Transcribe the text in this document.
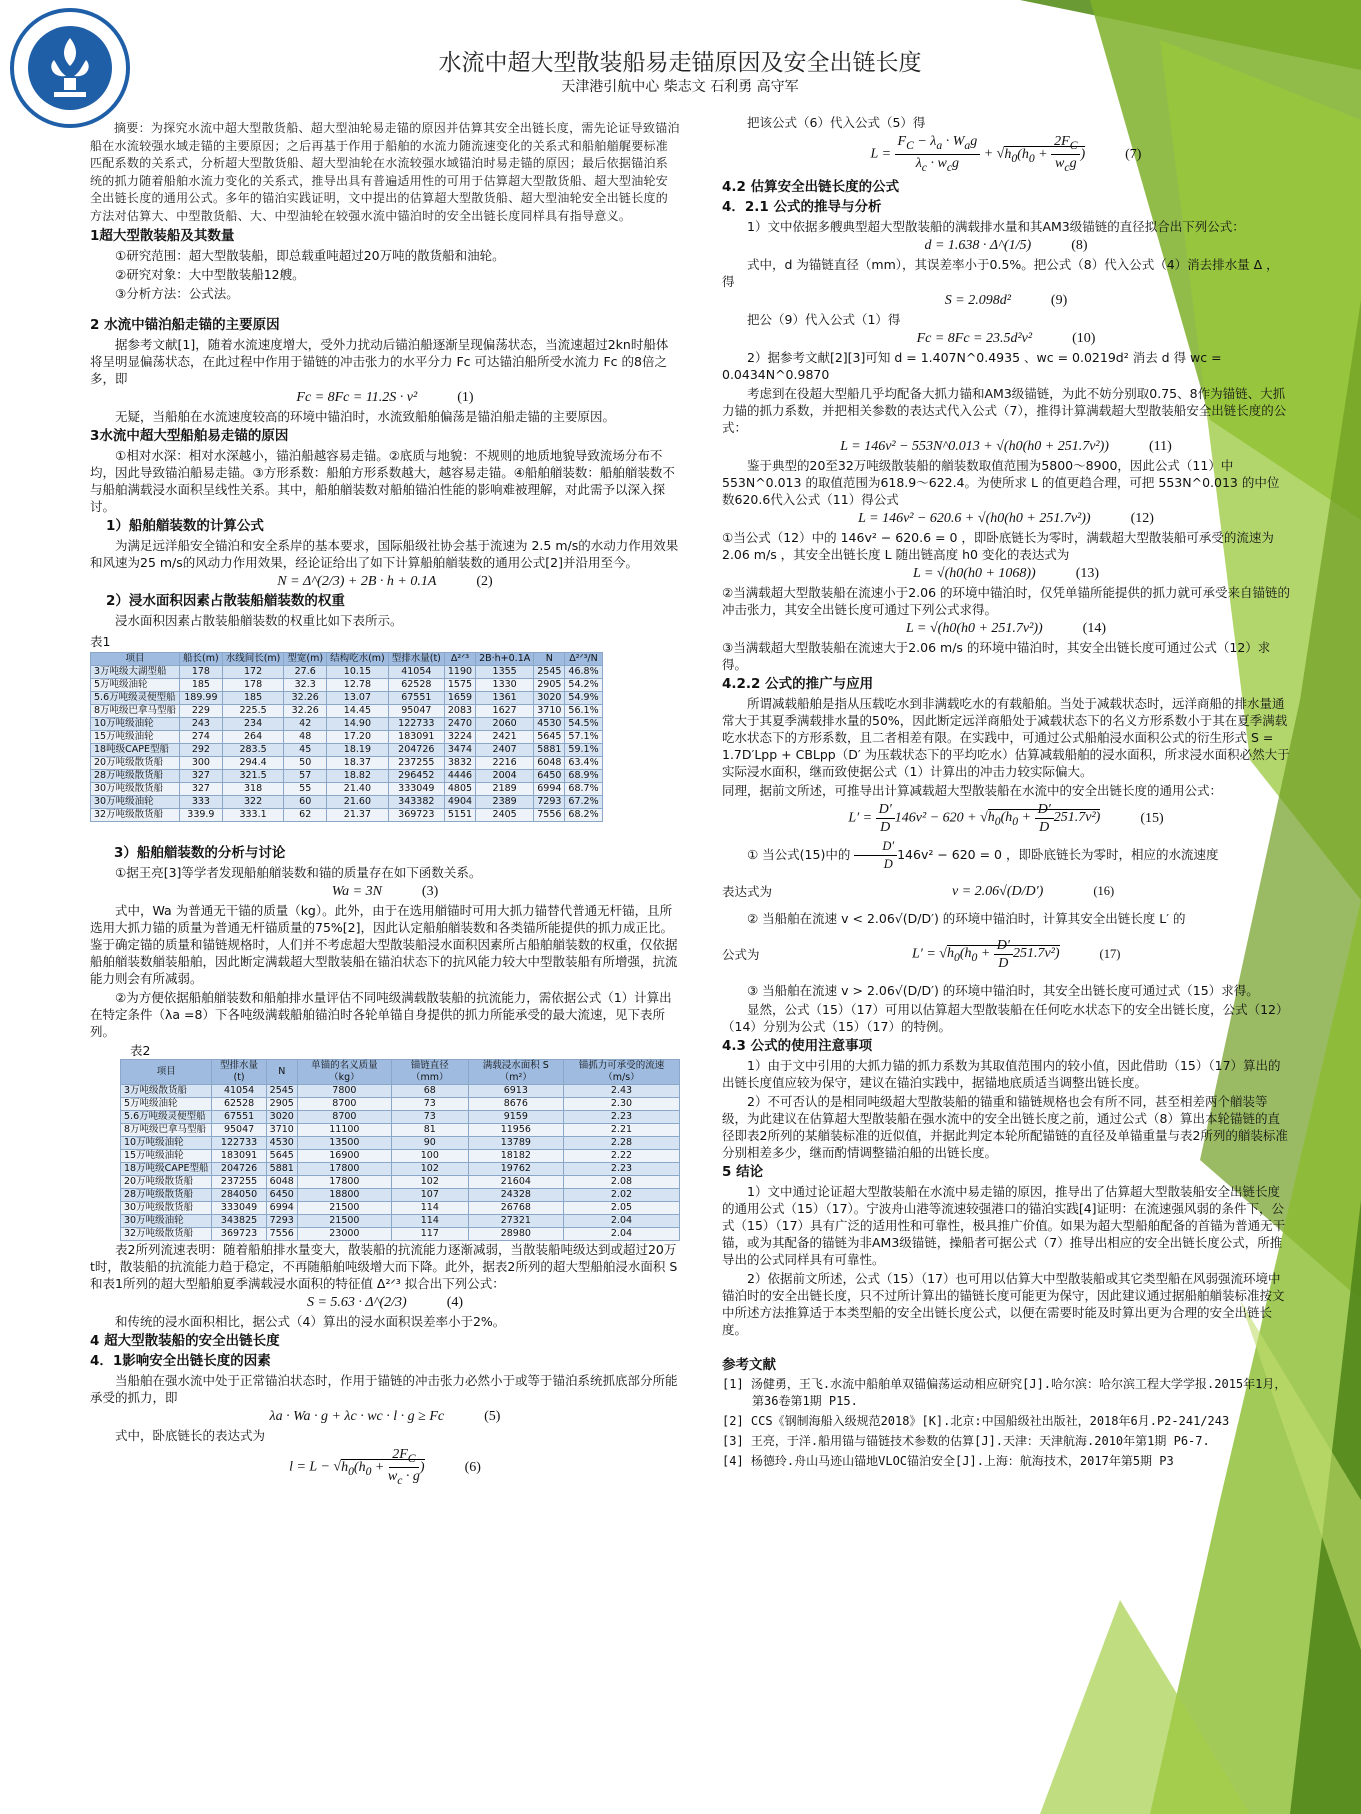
水流中超大型散装船易走锚原因及安全出链长度
天津港引航中心 柴志文 石利勇 高守军

摘要：为探究水流中超大型散货船、超大型油轮易走锚的原因并估算其安全出链长度，需先论证导致锚泊船在水流较强水域走锚的主要原因；之后再基于作用于船舶的水流力随流速变化的关系式和船舶艏艉要标准匹配系数的关系式，分析超大型散货船、超大型油轮在水流较强水域锚泊时易走锚的原因；最后依据锚泊系统的抓力随着船舶水流力变化的关系式，推导出具有普遍适用性的可用于估算超大型散货船、超大型油轮安全出链长度的通用公式。多年的锚泊实践证明，文中提出的估算超大型散货船、超大型油轮安全出链长度的方法对估算大、中型散货船、大、中型油轮在较强水流中锚泊时的安全出链长度同样具有指导意义。

1超大型散装船及其数量

①研究范围：超大型散装船，即总载重吨超过20万吨的散货船和油轮。

②研究对象：大中型散装船12艘。

③分析方法：公式法。

2 水流中锚泊船走锚的主要原因

据参考文献[1]，随着水流速度增大，受外力扰动后锚泊船逐渐呈现偏荡状态，当流速超过2kn时船体将呈明显偏荡状态，在此过程中作用于锚链的冲击张力的水平分力 Fc 可达锚泊船所受水流力 Fc 的8倍之多，即

Fc = 8Fc = 11.2S · v²	(1)

无疑，当船舶在水流速度较高的环境中锚泊时，水流致船舶偏荡是锚泊船走锚的主要原因。

3水流中超大型船舶易走锚的原因

①相对水深：相对水深越小，锚泊船越容易走锚。②底质与地貌：不规则的地质地貌导致流场分布不均，因此导致锚泊船易走锚。③方形系数：船舶方形系数越大，越容易走锚。④船舶艏装数：船舶艏装数不与船舶满载浸水面积呈线性关系。其中，船舶艏装数对船舶锚泊性能的影响难被理解，对此需予以深入探讨。

1）船舶艏装数的计算公式

为满足远洋船安全锚泊和安全系岸的基本要求，国际船级社协会基于流速为 2.5 m/s的水动力作用效果和风速为25 m/s的风动力作用效果，经论证给出了如下计算船舶艏装数的通用公式[2]并沿用至今。

N = Δ^(2/3) + 2B · h + 0.1A	(2)
2）浸水面积因素占散装船艏装数的权重

浸水面积因素占散装船艏装数的权重比如下表所示。

表1
项目	船长(m)	水线间长(m)	型宽(m)	结构吃水(m)	型排水量(t)	Δ²ᐟ³	2B·h+0.1A	N	Δ²ᐟ³/N
3万吨级大湖型船	178	172	27.6	10.15	41054	1190	1355	2545	46.8%
5万吨级油轮	185	178	32.3	12.78	62528	1575	1330	2905	54.2%
5.6万吨级灵便型船	189.99	185	32.26	13.07	67551	1659	1361	3020	54.9%
8万吨级巴拿马型船	229	225.5	32.26	14.45	95047	2083	1627	3710	56.1%
10万吨级油轮	243	234	42	14.90	122733	2470	2060	4530	54.5%
15万吨级油轮	274	264	48	17.20	183091	3224	2421	5645	57.1%
18吨级CAPE型船	292	283.5	45	18.19	204726	3474	2407	5881	59.1%
20万吨级散货船	300	294.4	50	18.37	237255	3832	2216	6048	63.4%
28万吨级散货船	327	321.5	57	18.82	296452	4446	2004	6450	68.9%
30万吨级散货船	327	318	55	21.40	333049	4805	2189	6994	68.7%
30万吨级油轮	333	322	60	21.60	343382	4904	2389	7293	67.2%
32万吨级散货船	339.9	333.1	62	21.37	369723	5151	2405	7556	68.2%
3）船舶艏装数的分析与讨论

①据王亮[3]等学者发现船舶艏装数和锚的质量存在如下函数关系。

Wa = 3N	(3)

式中，Wa 为普通无干锚的质量（kg）。此外，由于在选用艏锚时可用大抓力锚替代普通无杆锚，且所选用大抓力锚的质量为普通无杆锚质量的75%[2]，因此认定船舶艏装数和各类锚所能提供的抓力成正比。鉴于确定锚的质量和锚链规格时，人们并不考虑超大型散装船浸水面积因素所占船舶艏装数的权重，仅依据船舶艏装数艏装船舶，因此断定满载超大型散装船在锚泊状态下的抗风能力较大中型散装船有所增强，抗流能力则会有所减弱。

②为方便依据船舶艏装数和船舶排水量评估不同吨级满载散装船的抗流能力，需依据公式（1）计算出在特定条件（λa =8）下各吨级满载船舶锚泊时各轮单锚自身提供的抓力所能承受的最大流速，见下表所列。

表2
项目	型排水量(t)	N	单锚的名义质量（kg）	锚链直径（mm）	满载浸水面积 S（m²）	锚抓力可承受的流速（m/s）
3万吨级散货船	41054	2545	7800	68	6913	2.43
5万吨级油轮	62528	2905	8700	73	8676	2.30
5.6万吨级灵便型船	67551	3020	8700	73	9159	2.23
8万吨级巴拿马型船	95047	3710	11100	81	11956	2.21
10万吨级油轮	122733	4530	13500	90	13789	2.28
15万吨级油轮	183091	5645	16900	100	18182	2.22
18万吨级CAPE型船	204726	5881	17800	102	19762	2.23
20万吨级散货船	237255	6048	17800	102	21604	2.08
28万吨级散货船	284050	6450	18800	107	24328	2.02
30万吨级散货船	333049	6994	21500	114	26768	2.05
30万吨级油轮	343825	7293	21500	114	27321	2.04
32万吨级散货船	369723	7556	23000	117	28980	2.04

表2所列流速表明：随着船舶排水量变大，散装船的抗流能力逐渐减弱，当散装船吨级达到或超过20万t时，散装船的抗流能力趋于稳定，不再随船舶吨级增大而下降。此外，据表2所列的超大型船舶浸水面积 S 和表1所列的超大型船舶夏季满载浸水面积的特征值 Δ²ᐟ³ 拟合出下列公式：

S = 5.63 · Δ^(2/3)	(4)

和传统的浸水面积相比，据公式（4）算出的浸水面积误差率小于2%。

4 超大型散装船的安全出链长度
4．1影响安全出链长度的因素

当船舶在强水流中处于正常锚泊状态时，作用于锚链的冲击张力必然小于或等于锚泊系统抓底部分所能承受的抓力，即

λa · Wa · g + λc · wc · l · g ≥ Fc	(5)

式中，卧底链长的表达式为

$l = L - √h_0(h_0 + \frac{2F_C}{w_c \cdot g}$ )	(6)

把该公式（6）代入公式（5）得

$L = \frac{F_C - \lambda_a \cdot W_ag}{\lambda_c \cdot w_cg} + √h_0(h_0 + \frac{2F_C}{w_cg}$ )	(7)
4.2 估算安全出链长度的公式
4．2.1 公式的推导与分析

1）文中依据多艘典型超大型散装船的满载排水量和其AM3级锚链的直径拟合出下列公式：

d = 1.638 · Δ^(1/5)	(8)

式中，d 为锚链直径（mm），其误差率小于0.5%。把公式（8）代入公式（4）消去排水量 Δ ，得

S = 2.098d²	(9)

把公（9）代入公式（1）得

Fc = 8Fc = 23.5d²v²	(10)

2）据参考文献[2][3]可知 d = 1.407N^0.4935 、wc = 0.0219d² 消去 d 得 wc = 0.0434N^0.9870

考虑到在役超大型船几乎均配备大抓力锚和AM3级锚链，为此不妨分别取0.75、8作为锚链、大抓力锚的抓力系数，并把相关参数的表达式代入公式（7），推得计算满载超大型散装船安全出链长度的公式：

L = 146v² − 553N^0.013 + √(h0(h0 + 251.7v²))	(11)

鉴于典型的20至32万吨级散装船的艏装数取值范围为5800～8900，因此公式（11）中 553N^0.013 的取值范围为618.9～622.4。为使所求 L 的值更趋合理，可把 553N^0.013 的中位数620.6代入公式（11）得公式

L = 146v² − 620.6 + √(h0(h0 + 251.7v²))	(12)

①当公式（12）中的 146v² − 620.6 = 0 ，即卧底链长为零时，满载超大型散装船可承受的流速为2.06 m/s ，其安全出链长度 L 随出链高度 h0 变化的表达式为

L = √(h0(h0 + 1068))	(13)

②当满载超大型散装船在流速小于2.06 的环境中锚泊时，仅凭单锚所能提供的抓力就可承受来自锚链的冲击张力，其安全出链长度可通过下列公式求得。

L = √(h0(h0 + 251.7v²))	(14)

③当满载超大型散装船在流速大于2.06 m/s 的环境中锚泊时，其安全出链长度可通过公式（12）求得。

4.2.2 公式的推广与应用

所谓减载船舶是指从压载吃水到非满载吃水的有载船舶。当处于减载状态时，远洋商船的排水量通常大于其夏季满载排水量的50%，因此断定远洋商船处于减载状态下的名义方形系数小于其在夏季满载吃水状态下的方形系数，且二者相差有限。在实践中，可通过公式船舶浸水面积公式的衍生形式 S = 1.7D′Lpp + CBLpp（D′ 为压载状态下的平均吃水）估算减载船舶的浸水面积，所求浸水面积必然大于实际浸水面积，继而致使据公式（1）计算出的冲击力较实际偏大。

同理，据前文所述，可推导出计算减载超大型散装船在水流中的安全出链长度的通用公式：

$L' = \frac{D'}{D} 146v^2 - 620 + √h_0(h_0 + \frac{D'}{D} 251.7v^2)$	(15)

① 当公式(15)中的 $\frac{D'}{D} 146v^2 - 620 = 0$ ，即卧底链长为零时，相应的水流速度

表达式为	v = 2.06√(D/D′)	(16)

② 当船舶在流速 v < 2.06√(D/D′) 的环境中锚泊时，计算其安全出链长度 L′ 的

公式为	$L' = √h_0(h_0 + \frac{D'}{D} 251.7v^2)$	(17)

③ 当船舶在流速 v > 2.06√(D/D′) 的环境中锚泊时，其安全出链长度可通过式（15）求得。

显然，公式（15）（17）可用以估算超大型散装船在任何吃水状态下的安全出链长度，公式（12）（14）分别为公式（15）（17）的特例。

4.3 公式的使用注意事项

1）由于文中引用的大抓力锚的抓力系数为其取值范围内的较小值，因此借助（15）（17）算出的出链长度值应较为保守，建议在锚泊实践中，据锚地底质适当调整出链长度。

2）不可否认的是相同吨级超大型散装船的锚重和锚链规格也会有所不同，甚至相差两个艏装等级，为此建议在估算超大型散装船在强水流中的安全出链长度之前，通过公式（8）算出本轮锚链的直径即表2所列的某艏装标准的近似值，并据此判定本轮所配锚链的直径及单锚重量与表2所列的艏装标准分别相差多少，继而酌情调整锚泊船的出链长度。

5 结论

1）文中通过论证超大型散装船在水流中易走锚的原因，推导出了估算超大型散装船安全出链长度的通用公式（15）（17）。宁波舟山港等流速较强港口的锚泊实践[4]证明：在流速强风弱的条件下，公式（15）（17）具有广泛的适用性和可靠性，极具推广价值。如果为超大型船舶配备的首锚为普通无干锚，或为其配备的锚链为非AM3级锚链，操船者可据公式（7）推导出相应的安全出链长度公式，所推导出的公式同样具有可靠性。

2）依据前文所述，公式（15）（17）也可用以估算大中型散装船或其它类型船在风弱强流环境中锚泊时的安全出链长度，只不过所计算出的锚链长度可能更为保守，因此建议通过据船舶艏装标准按文中所述方法推算适于本类型船的安全出链长度公式，以便在需要时能及时算出更为合理的安全出链长度。

参考文献
[1] 汤健勇，王飞.水流中船舶单双锚偏荡运动相应研究[J].哈尔滨：哈尔滨工程大学学报.2015年1月，第36卷第1期 P15.
[2] CCS《钢制海船入级规范2018》[K].北京:中国船级社出版社，2018年6月.P2-241/243
[3] 王亮，于洋.船用锚与锚链技术参数的估算[J].天津：天津航海.2010年第1期 P6-7.
[4] 杨德玲.舟山马迹山锚地VLOC锚泊安全[J].上海：航海技术，2017年第5期 P3
